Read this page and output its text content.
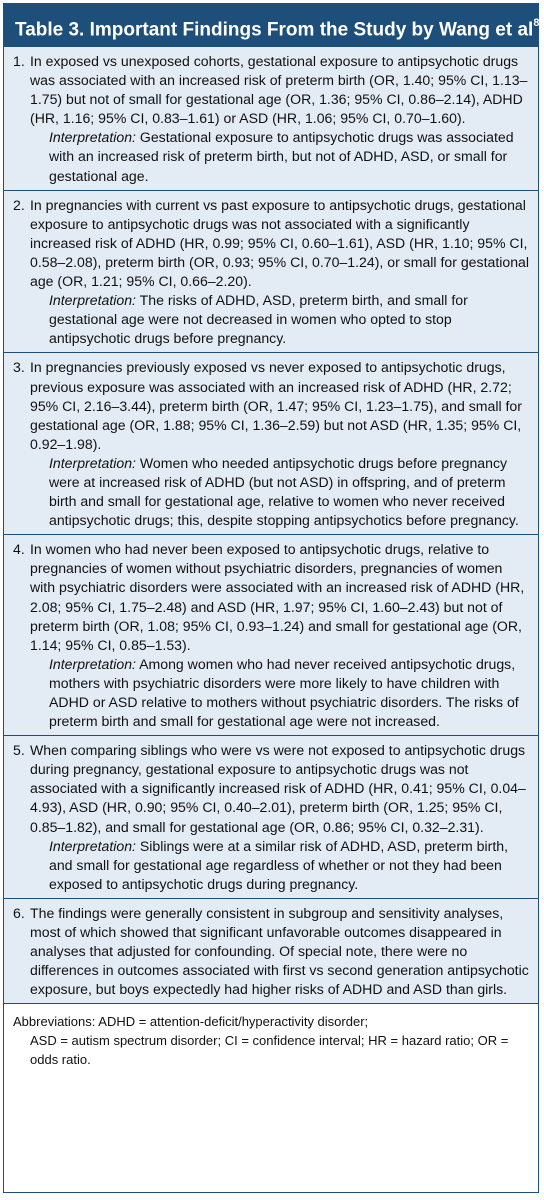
Table 3. Important Findings From the Study by Wang et $al^8$
1. In exposed vs unexposed cohorts, gestational exposure to antipsychotic drugs was associated with an increased risk of preterm birth (OR, 1.40; 95% CI, 1.13–1.75) but not of small for gestational age (OR, 1.36; 95% CI, 0.86–2.14), ADHD (HR, 1.16; 95% CI, 0.83–1.61) or ASD (HR, 1.06; 95% CI, 0.70–1.60).
Interpretation: Gestational exposure to antipsychotic drugs was associated with an increased risk of preterm birth, but not of ADHD, ASD, or small for gestational age.
2. In pregnancies with current vs past exposure to antipsychotic drugs, gestational exposure to antipsychotic drugs was not associated with a significantly increased risk of ADHD (HR, 0.99; 95% CI, 0.60–1.61), ASD (HR, 1.10; 95% CI, 0.58–2.08), preterm birth (OR, 0.93; 95% CI, 0.70–1.24), or small for gestational age (OR, 1.21; 95% CI, 0.66–2.20).
Interpretation: The risks of ADHD, ASD, preterm birth, and small for gestational age were not decreased in women who opted to stop antipsychotic drugs before pregnancy.
3. In pregnancies previously exposed vs never exposed to antipsychotic drugs, previous exposure was associated with an increased risk of ADHD (HR, 2.72; 95% CI, 2.16–3.44), preterm birth (OR, 1.47; 95% CI, 1.23–1.75), and small for gestational age (OR, 1.88; 95% CI, 1.36–2.59) but not ASD (HR, 1.35; 95% CI, 0.92–1.98).
Interpretation: Women who needed antipsychotic drugs before pregnancy were at increased risk of ADHD (but not ASD) in offspring, and of preterm birth and small for gestational age, relative to women who never received antipsychotic drugs; this, despite stopping antipsychotics before pregnancy.
4. In women who had never been exposed to antipsychotic drugs, relative to pregnancies of women without psychiatric disorders, pregnancies of women with psychiatric disorders were associated with an increased risk of ADHD (HR, 2.08; 95% CI, 1.75–2.48) and ASD (HR, 1.97; 95% CI, 1.60–2.43) but not of preterm birth (OR, 1.08; 95% CI, 0.93–1.24) and small for gestational age (OR, 1.14; 95% CI, 0.85–1.53).
Interpretation: Among women who had never received antipsychotic drugs, mothers with psychiatric disorders were more likely to have children with ADHD or ASD relative to mothers without psychiatric disorders. The risks of preterm birth and small for gestational age were not increased.
5. When comparing siblings who were vs were not exposed to antipsychotic drugs during pregnancy, gestational exposure to antipsychotic drugs was not associated with a significantly increased risk of ADHD (HR, 0.41; 95% CI, 0.04–4.93), ASD (HR, 0.90; 95% CI, 0.40–2.01), preterm birth (OR, 1.25; 95% CI, 0.85–1.82), and small for gestational age (OR, 0.86; 95% CI, 0.32–2.31).
Interpretation: Siblings were at a similar risk of ADHD, ASD, preterm birth, and small for gestational age regardless of whether or not they had been exposed to antipsychotic drugs during pregnancy.
6. The findings were generally consistent in subgroup and sensitivity analyses, most of which showed that significant unfavorable outcomes disappeared in analyses that adjusted for confounding. Of special note, there were no differences in outcomes associated with first vs second generation antipsychotic exposure, but boys expectedly had higher risks of ADHD and ASD than girls.
Abbreviations: ADHD = attention-deficit/hyperactivity disorder;
ASD = autism spectrum disorder; CI = confidence interval; HR = hazard ratio; OR = odds ratio.
